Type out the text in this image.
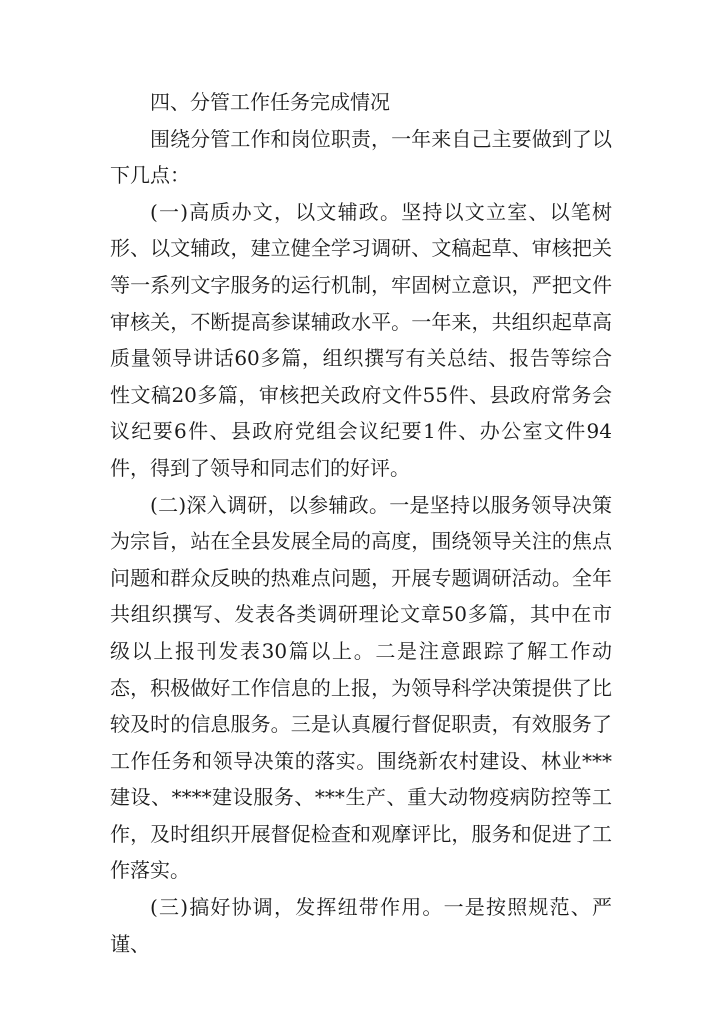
四、分管工作任务完成情况

围绕分管工作和岗位职责，一年来自己主要做到了以下几点：

(一)高质办文，以文辅政。坚持以文立室、以笔树形、以文辅政，建立健全学习调研、文稿起草、审核把关等一系列文字服务的运行机制，牢固树立意识，严把文件审核关，不断提高参谋辅政水平。一年来，共组织起草高质量领导讲话60多篇，组织撰写有关总结、报告等综合性文稿20多篇，审核把关政府文件55件、县政府常务会议纪要6件、县政府党组会议纪要1件、办公室文件94件，得到了领导和同志们的好评。

(二)深入调研，以参辅政。一是坚持以服务领导决策为宗旨，站在全县发展全局的高度，围绕领导关注的焦点问题和群众反映的热难点问题，开展专题调研活动。全年共组织撰写、发表各类调研理论文章50多篇，其中在市级以上报刊发表30篇以上。二是注意跟踪了解工作动态，积极做好工作信息的上报，为领导科学决策提供了比较及时的信息服务。三是认真履行督促职责，有效服务了工作任务和领导决策的落实。围绕新农村建设、林业***建设、****建设服务、***生产、重大动物疫病防控等工作，及时组织开展督促检查和观摩评比，服务和促进了工作落实。

(三)搞好协调，发挥纽带作用。一是按照规范、严谨、
